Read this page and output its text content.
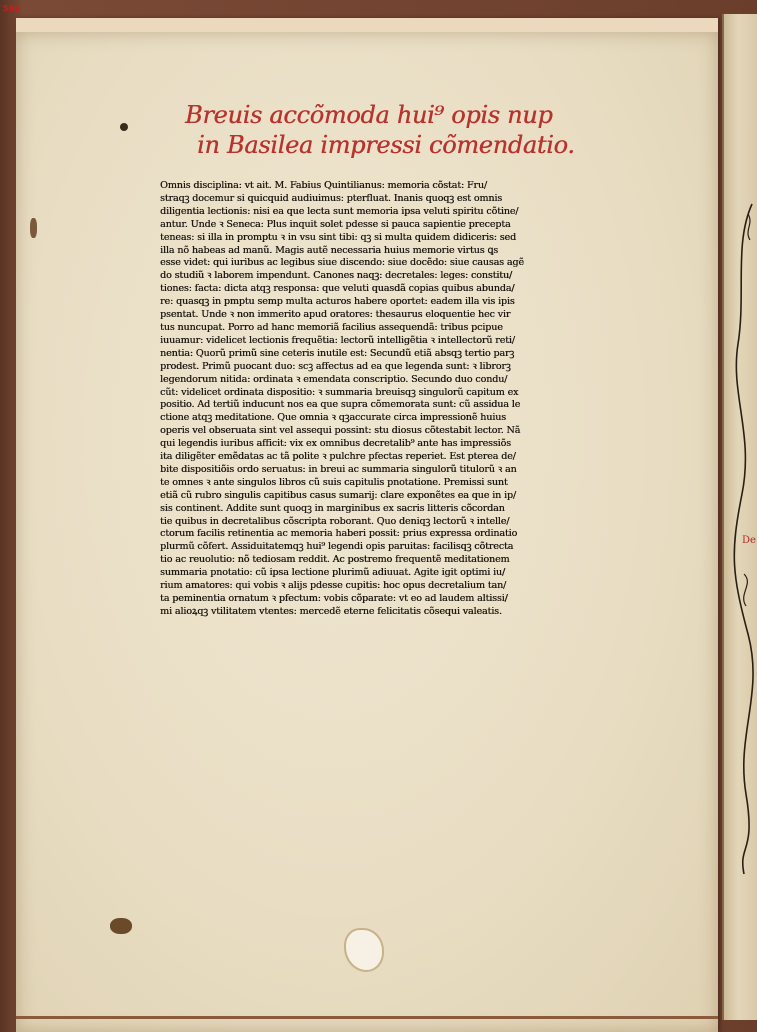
588
De
Breuis accõmoda hui⁹ opis nup
in Basilea impressi cõmendatio.
Omnis disciplina: vt ait. M. Fabius Quintilianus: memoria cõstat: Fru/
straqꝫ docemur si quicquid audiuimus: pterfluat. Inanis quoqꝫ est omnis
diligentia lectionis: nisi ea que lecta sunt memoria ipsa veluti spiritu cõtine/
antur. Unde ꝛ Seneca: Plus inquit solet pdesse si pauca sapientie precepta
teneas: si illa in promptu ꝛ in vsu sint tibi: qꝫ si multa quidem didiceris: sed
illa nõ habeas ad manũ. Magis autẽ necessaria huius memorie virtus ꝗs
esse videt: qui iuribus ac legibus siue discendo: siue docẽdo: siue causas agẽ
do studiũ ꝛ laborem impendunt. Canones naqꝫ: decretales: leges: constitu/
tiones: facta: dicta atqꝫ responsa: que veluti quasdã copias quibus abunda/
re: quasqꝫ in pmptu semp multa acturos habere oportet: eadem illa vis ipis
psentat. Unde ꝛ non immerito apud oratores: thesaurus eloquentie hec vir
tus nuncupat. Porro ad hanc memoriã facilius assequendã: tribus pcipue
iuuamur: videlicet lectionis frequẽtia: lectorũ intelligẽtia ꝛ intellectorũ reti/
nentia: Quorũ primũ sine ceteris inutile est: Secundũ etiã absqꝫ tertio parꝫ
prodest. Primũ puocant duo: scꝫ affectus ad ea que legenda sunt: ꝛ librorꝫ
legendorum nitida: ordinata ꝛ emendata conscriptio. Secundo duo condu/
cũt: videlicet ordinata dispositio: ꝛ summaria breuisqꝫ singulorũ capitum ex
positio. Ad tertiũ inducunt nos ea que supra cõmemorata sunt: cũ assidua le
ctione atqꝫ meditatione. Que omnia ꝛ qꝫaccurate circa impressionẽ huius
operis vel obseruata sint vel assequi possint: stu diosus cõtestabit lector. Nã
qui legendis iuribus afficit: vix ex omnibus decretalib⁹ ante has impressiõs
ita diligẽter emẽdatas ac tã polite ꝛ pulchre pfectas reperiet. Est pterea de/
bite dispositiõis ordo seruatus: in breui ac summaria singulorũ titulorũ ꝛ an
te omnes ꝛ ante singulos libros cũ suis capitulis pnotatione. Premissi sunt
etiã cũ rubro singulis capitibus casus sumarij: clare exponẽtes ea que in ip/
sis continent. Addite sunt quoqꝫ in marginibus ex sacris litteris cõcordan
tie quibus in decretalibus cõscripta roborant. Quo deniqꝫ lectorũ ꝛ intelle/
ctorum facilis retinentia ac memoria haberi possit: prius expressa ordinatio
plurmũ cõfert. Assiduitatemqꝫ hui⁹ legendi opis paruitas: facilisqꝫ cõtrecta
tio ac reuolutio: nõ tediosam reddit. Ac postremo frequentẽ meditationem
summaria pnotatio: cũ ipsa lectione plurimũ adiuuat. Agite igit optimi iu/
rium amatores: qui vobis ꝛ alijs pdesse cupitis: hoc opus decretalium tan/
ta peminentia ornatum ꝛ pfectum: vobis cõparate: vt eo ad laudem altissi/
mi alioꝝqꝫ vtilitatem vtentes: mercedẽ eterne felicitatis cõsequi valeatis.
